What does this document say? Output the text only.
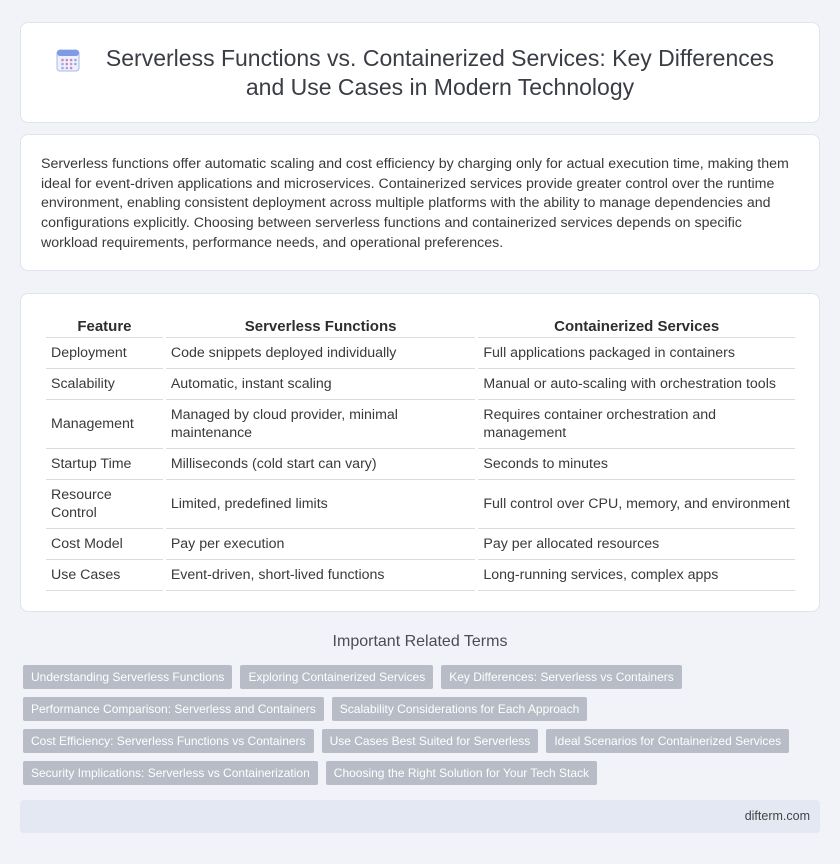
Serverless Functions vs. Containerized Services: Key Differences and Use Cases in Modern Technology

Serverless functions offer automatic scaling and cost efficiency by charging only for actual execution time, making them ideal for event-driven applications and microservices. Containerized services provide greater control over the runtime environment, enabling consistent deployment across multiple platforms with the ability to manage dependencies and configurations explicitly. Choosing between serverless functions and containerized services depends on specific workload requirements, performance needs, and operational preferences.

Feature	Serverless Functions	Containerized Services
Deployment	Code snippets deployed individually	Full applications packaged in containers
Scalability	Automatic, instant scaling	Manual or auto-scaling with orchestration tools
Management	Managed by cloud provider, minimal maintenance	Requires container orchestration and management
Startup Time	Milliseconds (cold start can vary)	Seconds to minutes
Resource Control	Limited, predefined limits	Full control over CPU, memory, and environment
Cost Model	Pay per execution	Pay per allocated resources
Use Cases	Event-driven, short-lived functions	Long-running services, complex apps
Important Related Terms
Understanding Serverless Functions	Exploring Containerized Services	Key Differences: Serverless vs Containers
Performance Comparison: Serverless and Containers	Scalability Considerations for Each Approach
Cost Efficiency: Serverless Functions vs Containers	Use Cases Best Suited for Serverless	Ideal Scenarios for Containerized Services
Security Implications: Serverless vs Containerization	Choosing the Right Solution for Your Tech Stack
difterm.com
